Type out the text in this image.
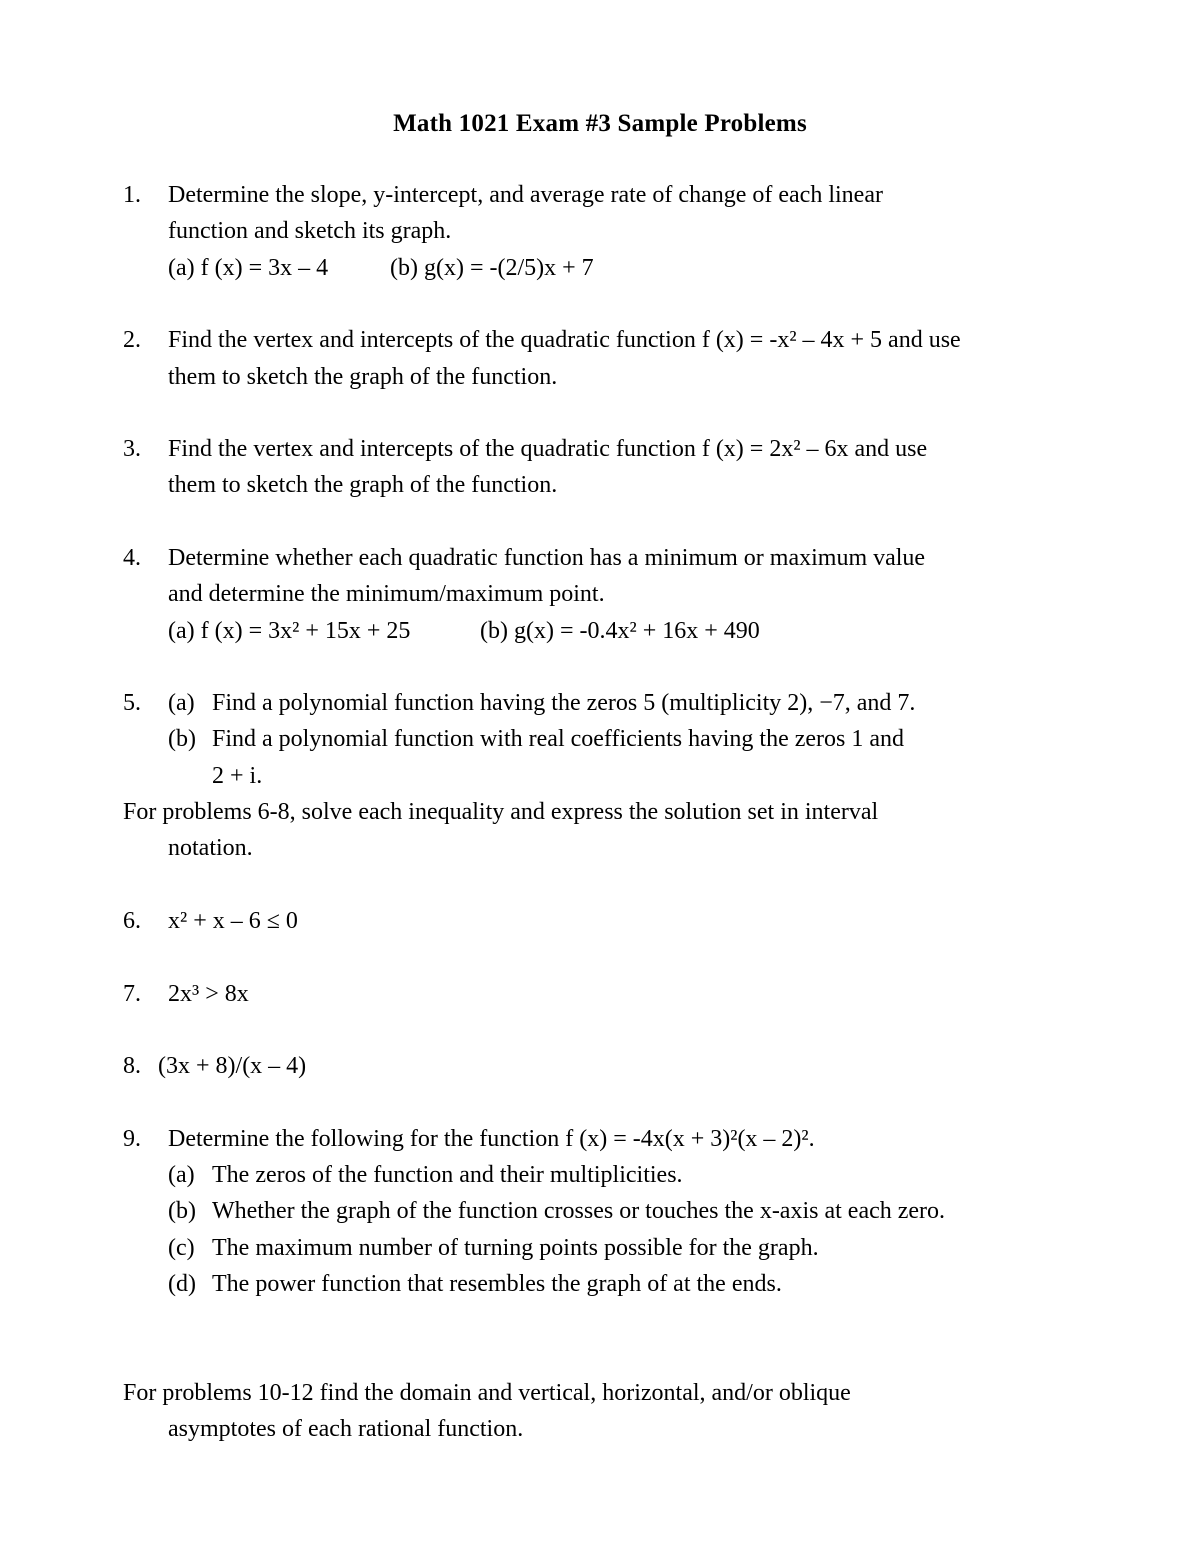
Math 1021 Exam #3 Sample Problems
1. Determine the slope, y-intercept, and average rate of change of each linear
function and sketch its graph.
(a) f (x) = 3x – 4	(b) g(x) = -(2/5)x + 7
2. Find the vertex and intercepts of the quadratic function f (x) = -x² – 4x + 5 and use
them to sketch the graph of the function.
3. Find the vertex and intercepts of the quadratic function f (x) = 2x² – 6x and use
them to sketch the graph of the function.
4. Determine whether each quadratic function has a minimum or maximum value
and determine the minimum/maximum point.
(a) f (x) = 3x² + 15x + 25	(b) g(x) = -0.4x² + 16x + 490
5. (a) Find a polynomial function having the zeros 5 (multiplicity 2), −7, and 7.
(b) Find a polynomial function with real coefficients having the zeros 1 and
2 + i.
For problems 6-8, solve each inequality and express the solution set in interval
notation.
6. x² + x – 6 ≤ 0
7. 2x³ > 8x
8. (3x + 8)/(x – 4)
9. Determine the following for the function f (x) = -4x(x + 3)²(x – 2)².
(a) The zeros of the function and their multiplicities.
(b) Whether the graph of the function crosses or touches the x-axis at each zero.
(c) The maximum number of turning points possible for the graph.
(d) The power function that resembles the graph of at the ends.
For problems 10-12 find the domain and vertical, horizontal, and/or oblique
asymptotes of each rational function.
